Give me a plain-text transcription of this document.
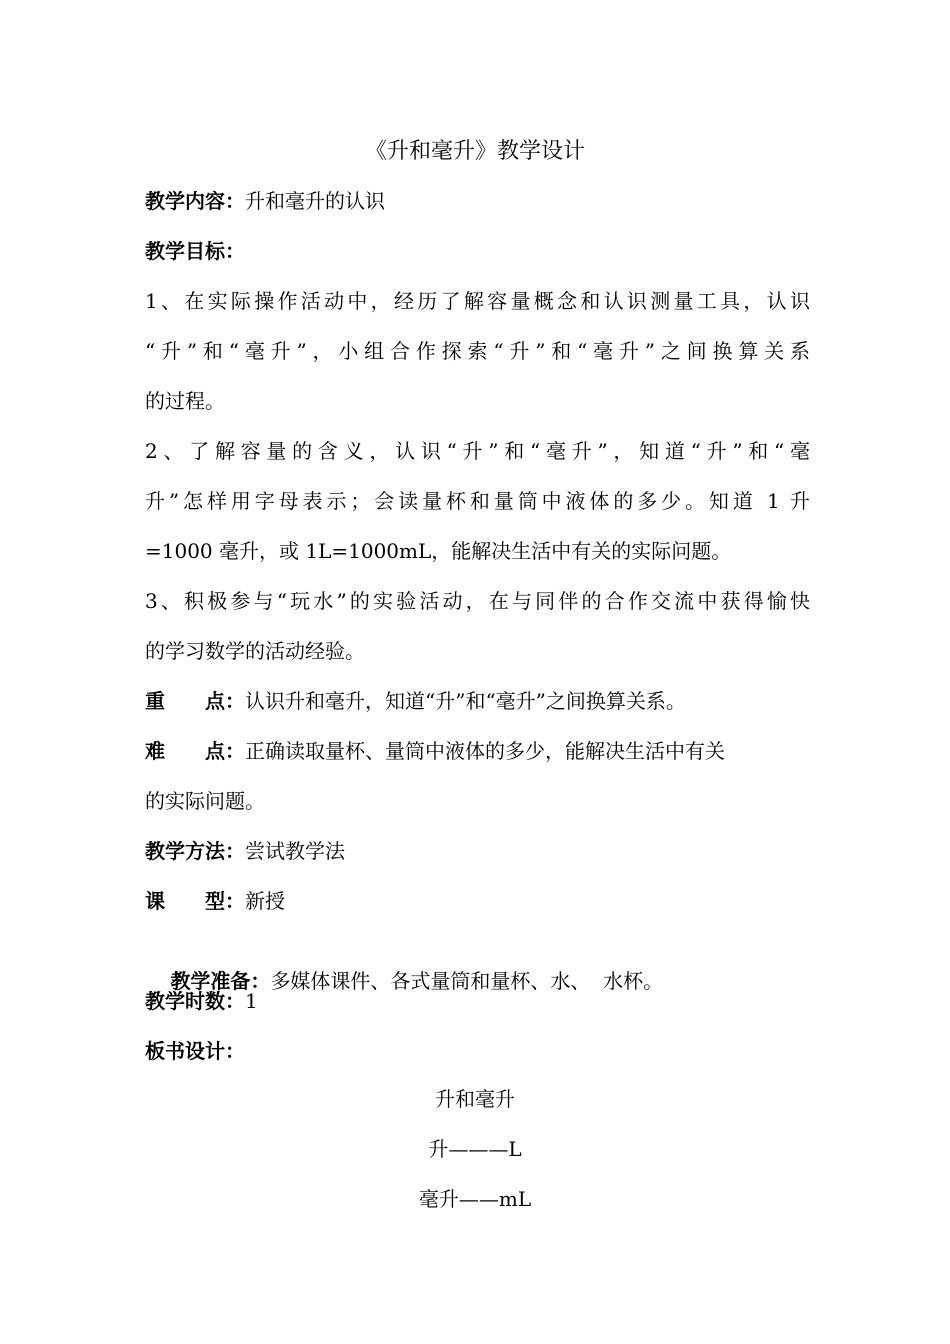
《升和毫升》教学设计
教学内容：升和毫升的认识
教学目标：
1、在实际操作活动中，经历了解容量概念和认识测量工具，认识
“升”和“毫升”，小组合作探索“升”和“毫升”之间换算关系
的过程。
2、了解容量的含义，认识“升”和“毫升”，知道“升”和“毫
升”怎样用字母表示；会读量杯和量筒中液体的多少。知道 1 升
=1000 毫升，或 1L=1000mL，能解决生活中有关的实际问题。
3、积极参与“玩水”的实验活动，在与同伴的合作交流中获得愉快
的学习数学的活动经验。
重　　点：认识升和毫升，知道“升”和“毫升”之间换算关系。
难　　点：正确读取量杯、量筒中液体的多少，能解决生活中有关
的实际问题。
教学方法：尝试教学法
课　　型：新授

教学准备：多媒体课件、各式量筒和量杯、水、  水杯。

教学时数：1
板书设计：
升和毫升
升———L
毫升——mL
